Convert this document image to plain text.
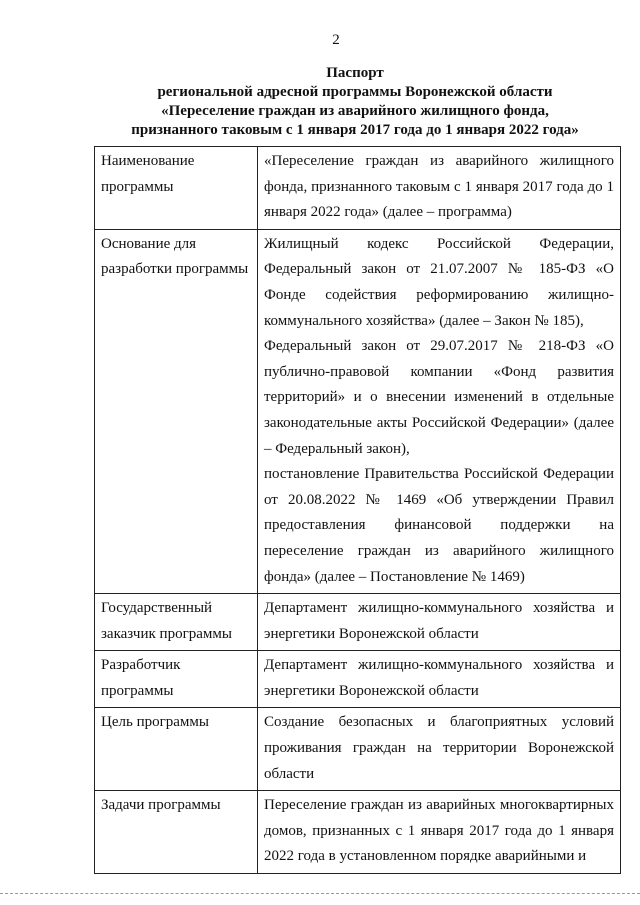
2
Паспорт
региональной адресной программы Воронежской области
«Переселение граждан из аварийного жилищного фонда,
признанного таковым с 1 января 2017 года до 1 января 2022 года»
Наименование программы	«Переселение граждан из аварийного жилищного фонда, признанного таковым с 1 января 2017 года до 1 января 2022 года» (далее – программа)

Основание для разработки программы	Жилищный кодекс Российской Федерации, Федеральный закон от 21.07.2007 № 185-ФЗ «О Фонде содействия реформированию жилищно-коммунального хозяйства» (далее – Закон № 185),
Федеральный закон от 29.07.2017 № 218-ФЗ «О публично-правовой компании «Фонд развития территорий» и о внесении изменений в отдельные законодательные акты Российской Федерации» (далее – Федеральный закон),
постановление Правительства Российской Федерации от 20.08.2022 № 1469 «Об утверждении Правил предоставления финансовой поддержки на переселение граждан из аварийного жилищного фонда» (далее – Постановление № 1469)

Государственный заказчик программы	Департамент жилищно-коммунального хозяйства и энергетики Воронежской области

Разработчик программы	Департамент жилищно-коммунального хозяйства и энергетики Воронежской области

Цель программы	Создание безопасных и благоприятных условий проживания граждан на территории Воронежской области

Задачи программы	Переселение граждан из аварийных многоквартирных домов, признанных с 1 января 2017 года до 1 января 2022 года в установленном порядке аварийными и
